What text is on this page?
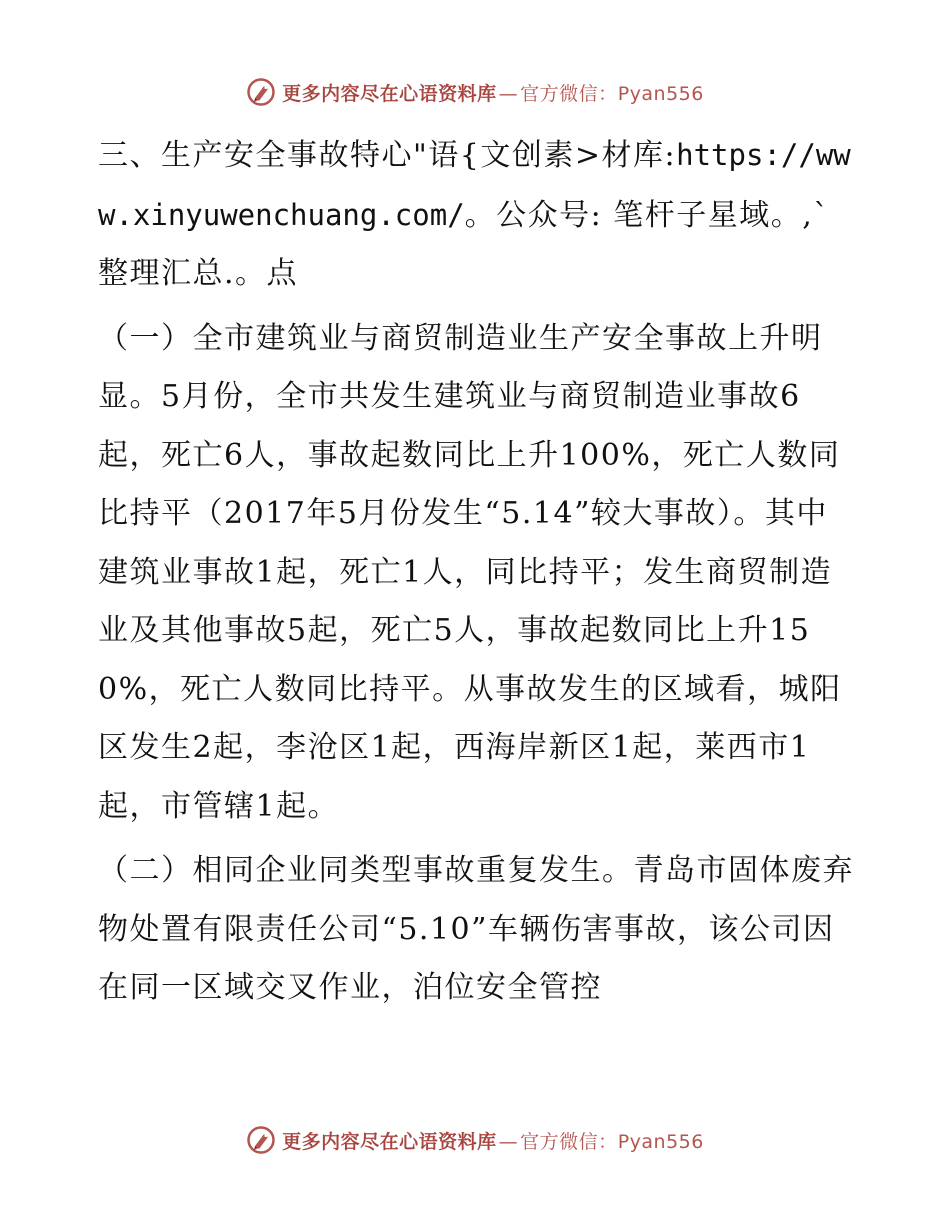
更多内容尽在心语资料库 — 官方微信：Pyan556

三、生产安全事故特心"语{文创素>材库:https://www.xinyuwenchuang.com/。公众号: 笔杆子星域。,`整理汇总.。点

（一）全市建筑业与商贸制造业生产安全事故上升明显。5月份，全市共发生建筑业与商贸制造业事故6起，死亡6人，事故起数同比上升100%，死亡人数同比持平（2017年5月份发生“5.14”较大事故）。其中建筑业事故1起，死亡1人，同比持平；发生商贸制造业及其他事故5起，死亡5人，事故起数同比上升150%，死亡人数同比持平。从事故发生的区域看，城阳区发生2起，李沧区1起，西海岸新区1起，莱西市1起，市管辖1起。

（二）相同企业同类型事故重复发生。青岛市固体废弃物处置有限责任公司“5.10”车辆伤害事故，该公司因在同一区域交叉作业，泊位安全管控

更多内容尽在心语资料库 — 官方微信：Pyan556
